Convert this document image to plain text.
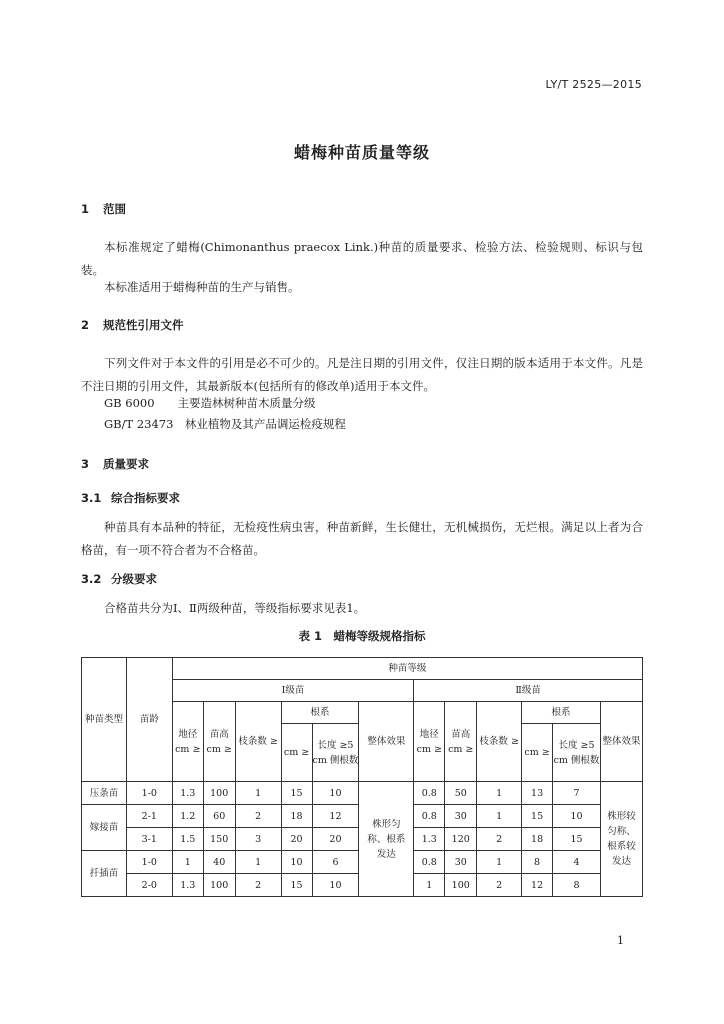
LY/T 2525—2015
蜡梅种苗质量等级
1 范围
本标准规定了蜡梅(Chimonanthus praecox Link.)种苗的质量要求、检验方法、检验规则、标识与包装。
本标准适用于蜡梅种苗的生产与销售。
2 规范性引用文件
下列文件对于本文件的引用是必不可少的。凡是注日期的引用文件，仅注日期的版本适用于本文件。凡是不注日期的引用文件，其最新版本(包括所有的修改单)适用于本文件。
GB 6000　 主要造林树种苗木质量分级
GB/T 23473　 林业植物及其产品调运检疫规程
3 质量要求
3.1 综合指标要求
种苗具有本品种的特征，无检疫性病虫害，种苗新鲜，生长健壮，无机械损伤，无烂根。满足以上者为合格苗，有一项不符合者为不合格苗。
3.2 分级要求
合格苗共分为Ⅰ、Ⅱ两级种苗，等级指标要求见表1。
表 1　蜡梅等级规格指标
种苗类型	苗龄	种苗等级											
		Ⅰ级苗						Ⅱ级苗					
		地径 cm ≥	苗高 cm ≥	枝条数 ≥	根系		整体效果	地径 cm ≥	苗高 cm ≥	枝条数 ≥	根系		整体效果
					cm ≥	长度 ≥5 cm 侧根数					cm ≥	长度 ≥5 cm 侧根数	
压条苗	1-0	1.3	100	1	15	10	株形匀称、根系发达	0.8	50	1	13	7	株形较匀称、根系较发达
嫁接苗	2-1	1.2	60	2	18	12		0.8	30	1	15	10	
	3-1	1.5	150	3	20	20		1.3	120	2	18	15	
扦插苗	1-0	1	40	1	10	6		0.8	30	1	8	4	
	2-0	1.3	100	2	15	10		1	100	2	12	8	
1
